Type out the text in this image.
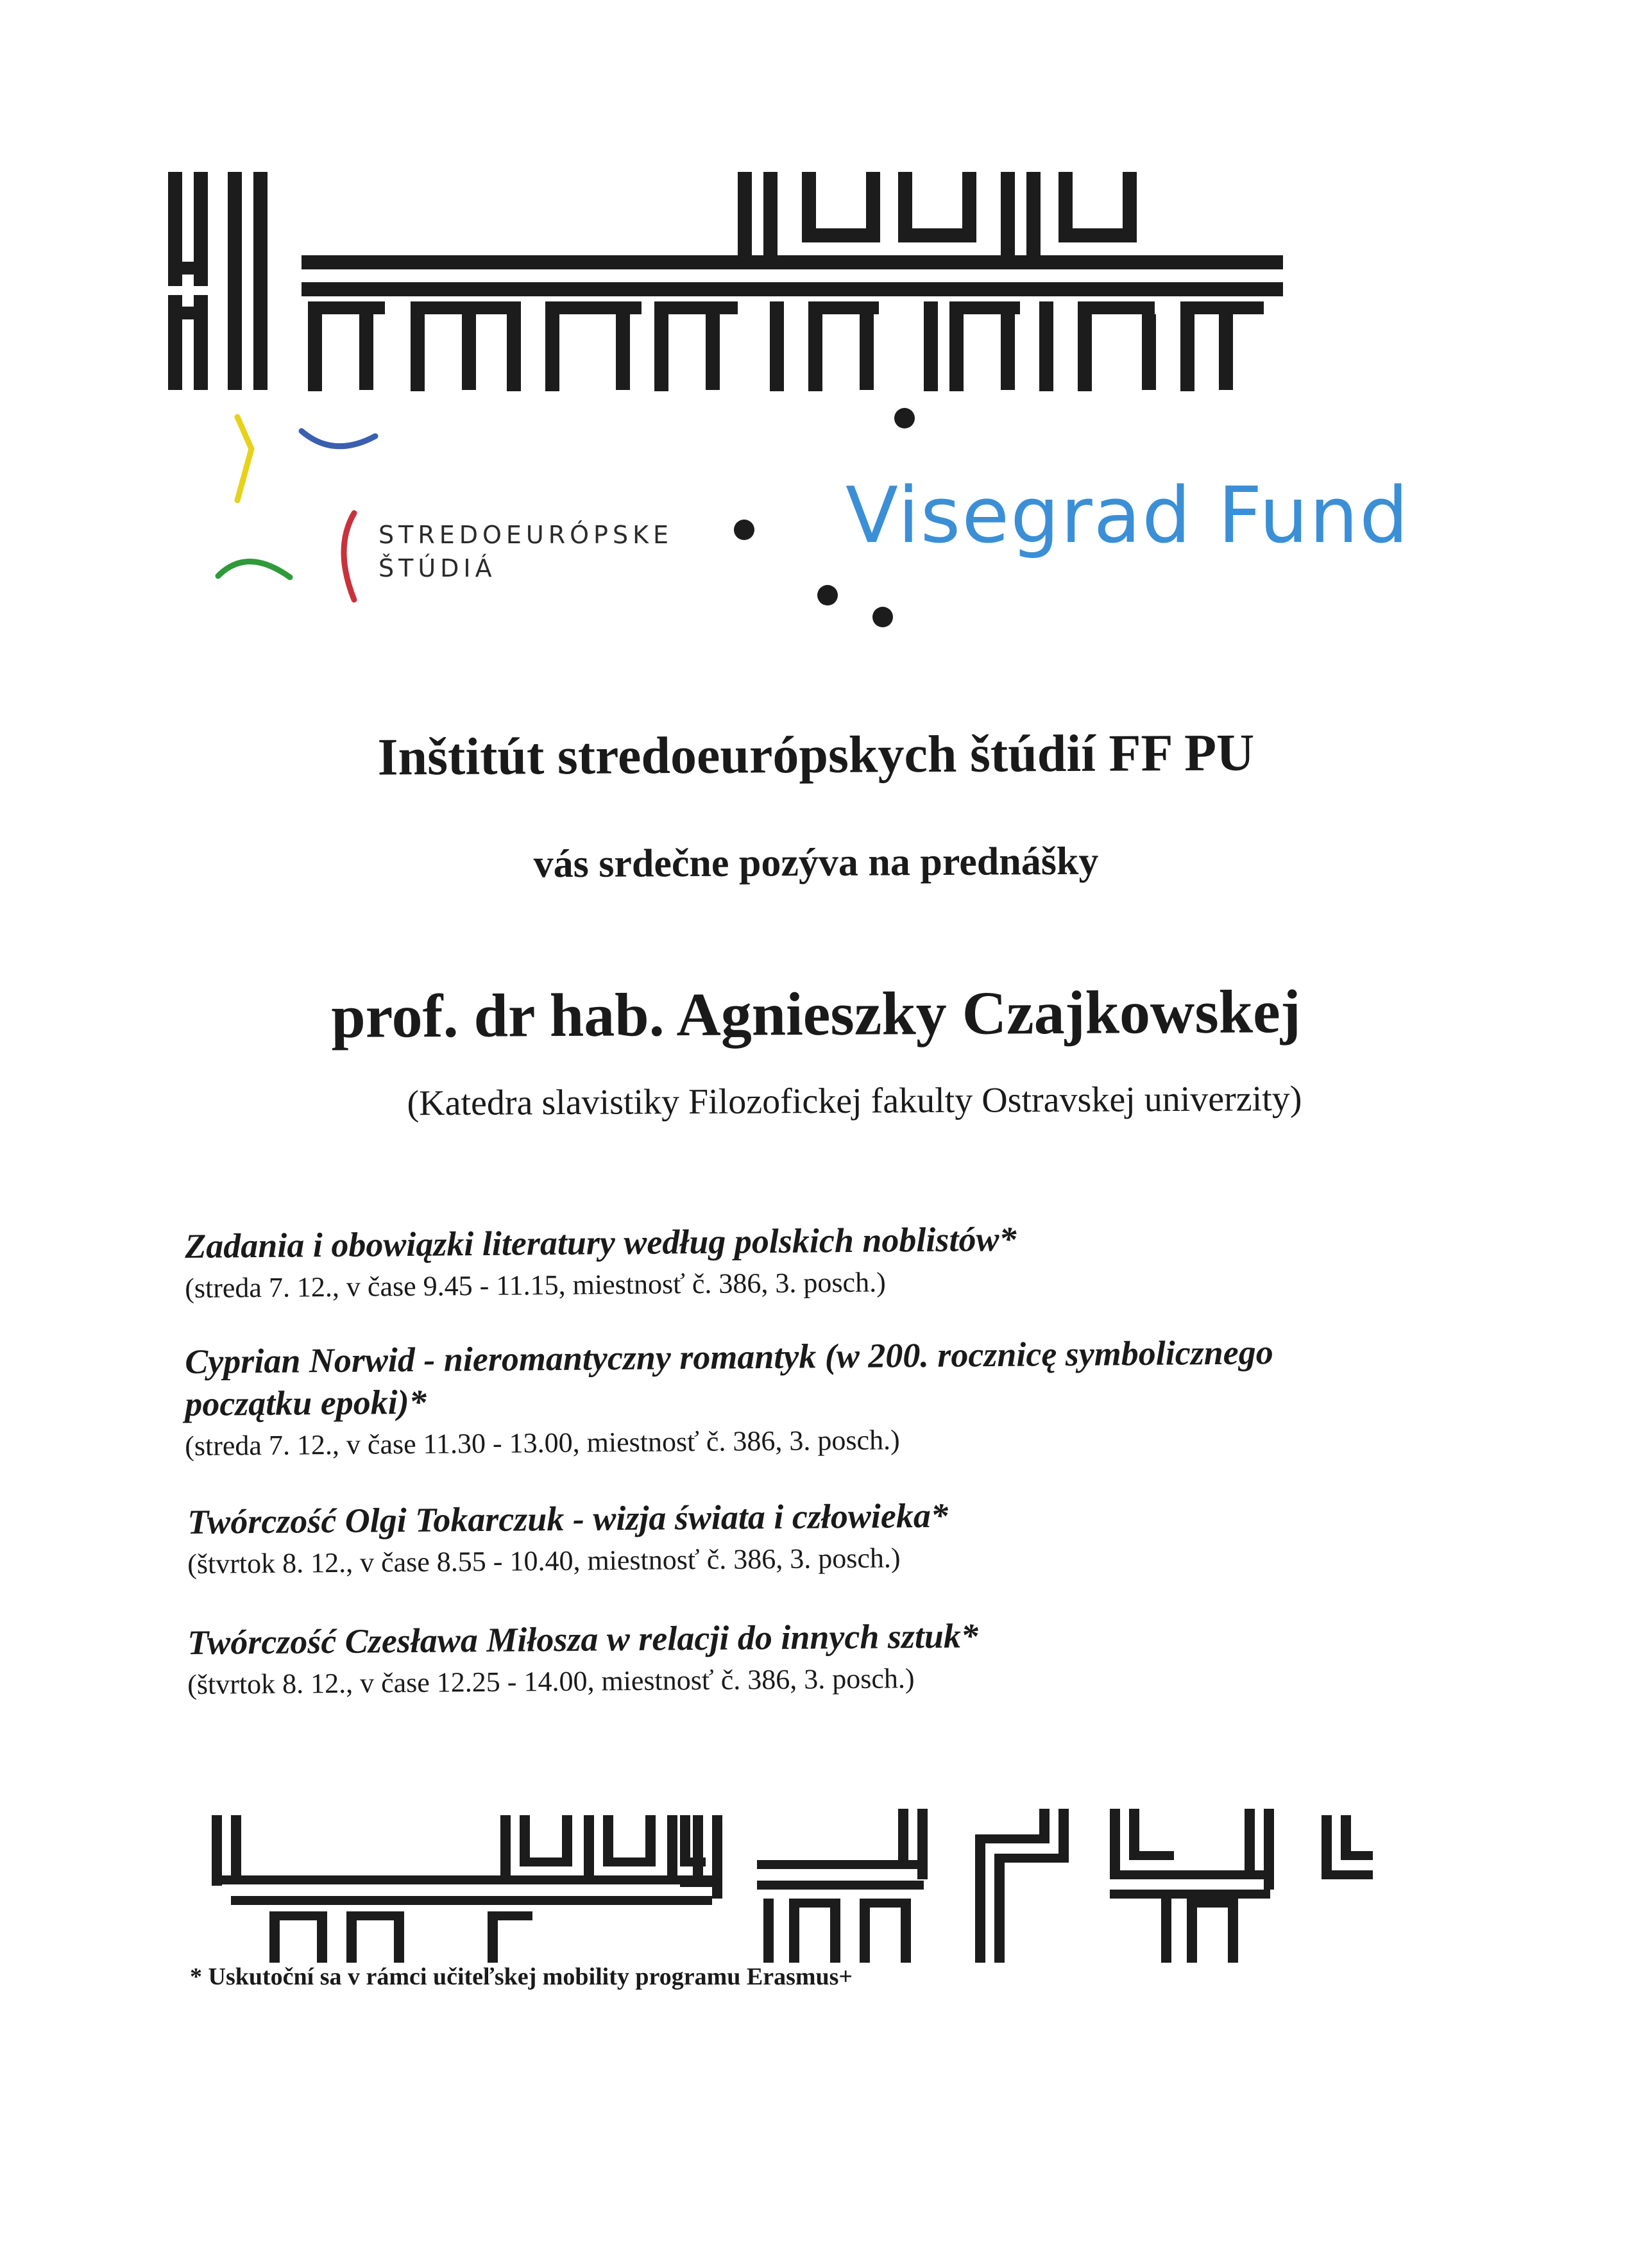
STREDOEURÓPSKE
ŠTÚDIÁ
Visegrad Fund
Inštitút stredoeurópskych štúdií FF PU
vás srdečne pozýva na prednášky
prof. dr hab. Agnieszky Czajkowskej
(Katedra slavistiky Filozofickej fakulty Ostravskej univerzity)
Zadania i obowiązki literatury według polskich noblistów*
(streda 7. 12., v čase 9.45 - 11.15, miestnosť č. 386, 3. posch.)
Cyprian Norwid - nieromantyczny romantyk (w 200. rocznicę symbolicznego
początku epoki)*
(streda 7. 12., v čase 11.30 - 13.00, miestnosť č. 386, 3. posch.)
Twórczość Olgi Tokarczuk - wizja świata i człowieka*
(štvrtok 8. 12., v čase 8.55 - 10.40, miestnosť č. 386, 3. posch.)
Twórczość Czesława Miłosza w relacji do innych sztuk*
(štvrtok 8. 12., v čase 12.25 - 14.00, miestnosť č. 386, 3. posch.)
* Uskutoční sa v rámci učiteľskej mobility programu Erasmus+
